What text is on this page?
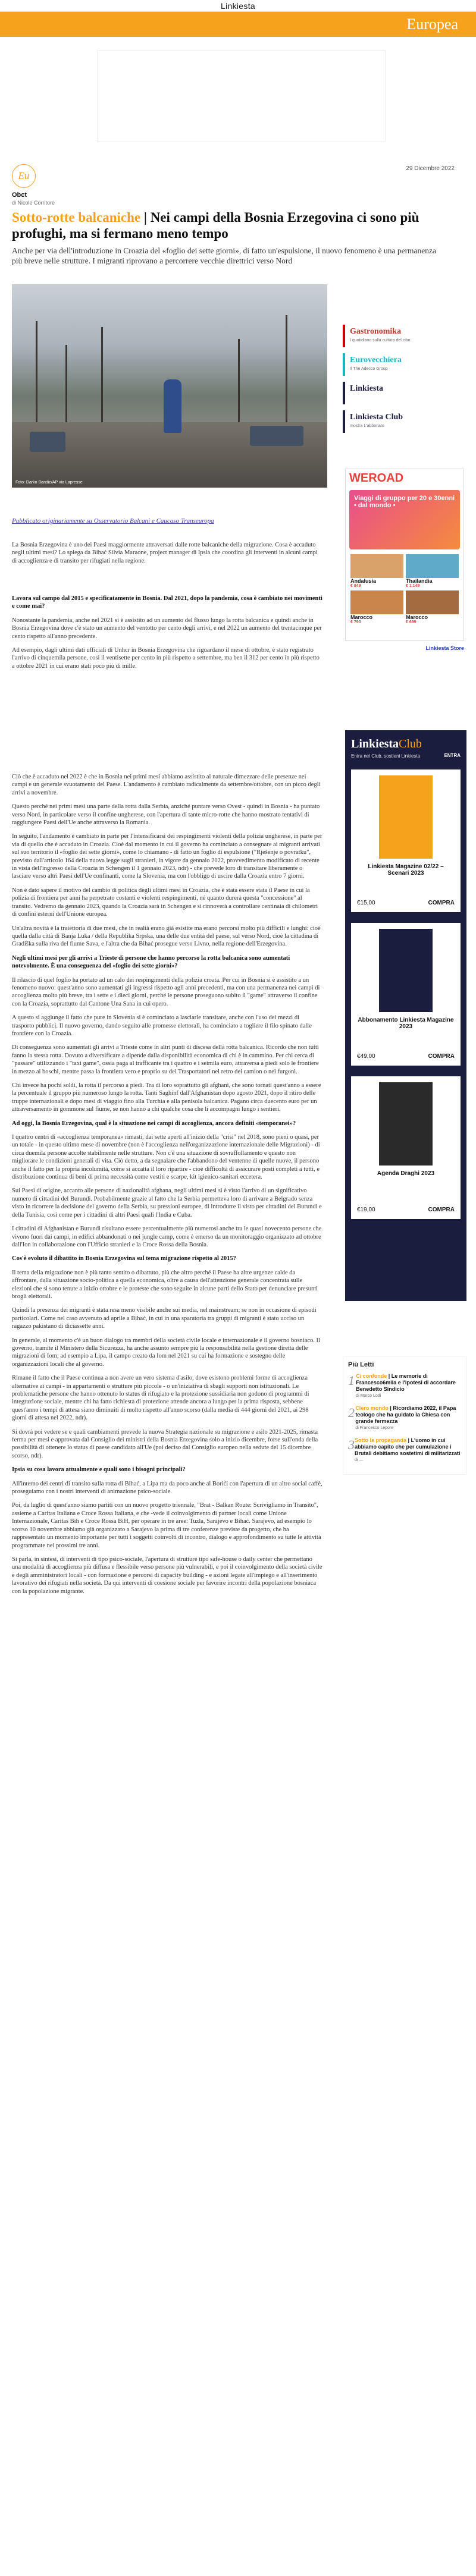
Linkiesta
Europea
Eu
29 Dicembre 2022
Obct
di Nicole Corritore
Sotto-rotte balcaniche | Nei campi della Bosnia Erzegovina ci sono più profughi, ma si fermano meno tempo

Anche per via dell'introduzione in Croazia del «foglio dei sette giorni», di fatto un'espulsione, il nuovo fenomeno è una permanenza più breve nelle strutture. I migranti riprovano a percorrere vecchie direttrici verso Nord

Foto: Darko Bandic/AP via Lapresse

Pubblicato originariamente su Osservatorio Balcani e Caucaso Transeuropa

La Bosnia Erzegovina è uno dei Paesi maggiormente attraversati dalle rotte balcaniche della migrazione. Cosa è accaduto negli ultimi mesi? Lo spiega da Bihać Silvia Maraone, project manager di Ipsia che coordina gli interventi in alcuni campi di accoglienza e di transito per rifugiati nella regione.

Lavora sul campo dal 2015 e specificatamente in Bosnia. Dal 2021, dopo la pandemia, cosa è cambiato nei movimenti e come mai?

Nonostante la pandemia, anche nel 2021 si è assistito ad un aumento del flusso lungo la rotta balcanica e quindi anche in Bosnia Erzegovina dove c'è stato un aumento del ventotto per cento degli arrivi, e nel 2022 un aumento del trentacinque per cento rispetto all'anno precedente.

Ad esempio, dagli ultimi dati ufficiali di Unhcr in Bosnia Erzegovina che riguardano il mese di ottobre, è stato registrato l'arrivo di cinquemila persone, così il ventisette per cento in più rispetto a settembre, ma ben il 312 per cento in più rispetto a ottobre 2021 in cui erano stati poco più di mille.

Ciò che è accaduto nel 2022 è che in Bosnia nei primi mesi abbiamo assistito al naturale dimezzare delle presenze nei campi e un generale svuotamento del Paese. L'andamento è cambiato radicalmente da settembre/ottobre, con un picco degli arrivi a novembre.

Questo perché nei primi mesi una parte della rotta dalla Serbia, anziché puntare verso Ovest - quindi in Bosnia - ha puntato verso Nord, in particolare verso il confine ungherese, con l'apertura di tante micro-rotte che hanno mostrato tentativi di raggiungere Paesi dell'Ue anche attraverso la Romania.

In seguito, l'andamento è cambiato in parte per l'intensificarsi dei respingimenti violenti della polizia ungherese, in parte per via di quello che è accaduto in Croazia. Cioè dal momento in cui il governo ha cominciato a consegnare ai migranti arrivati sul suo territorio il «foglio dei sette giorni», come lo chiamano - di fatto un foglio di espulsione ("Rješenje o povratku", previsto dall'articolo 164 della nuova legge sugli stranieri, in vigore da gennaio 2022, provvedimento modificato di recente in vista dell'ingresso della Croazia in Schengen il 1 gennaio 2023, ndr) - che prevede loro di transitare liberamente o lasciare verso altri Paesi dell'Ue confinanti, come la Slovenia, ma con l'obbligo di uscire dalla Croazia entro 7 giorni.

Non è dato sapere il motivo del cambio di politica degli ultimi mesi in Croazia, che è stata essere stata il Paese in cui la polizia di frontiera per anni ha perpetrato costanti e violenti respingimenti, né quanto durerà questa "concessione" al transito. Vedremo da gennaio 2023, quando la Croazia sarà in Schengen e si rinnoverà a controllare centinaia di chilometri di confini esterni dell'Unione europea.

Un'altra novità è la traiettoria di due mesi, che in realtà erano già esistite ma erano percorsi molto più difficili e lunghi: cioè quella dalla città di Banja Luka / della Republika Srpska, una delle due entità del paese, sul verso Nord, cioè la cittadina di Gradiška sulla riva del fiume Sava, e l'altra che da Bihać prosegue verso Livno, nella regione dell'Erzegovina.

Negli ultimi mesi per gli arrivi a Trieste di persone che hanno percorso la rotta balcanica sono aumentati notevolmente. È una conseguenza del «foglio dei sette giorni»?

Il rilascio di quel foglio ha portato ad un calo dei respingimenti della polizia croata. Per cui in Bosnia si è assistito a un fenomeno nuovo: quest'anno sono aumentati gli ingressi rispetto agli anni precedenti, ma con una permanenza nei campi di accoglienza molto più breve, tra i sette e i dieci giorni, perché le persone proseguono subito il "game" attraverso il confine con la Croazia, soprattutto dal Cantone Una Sana in cui opero.

A questo si aggiunge il fatto che pure in Slovenia si è cominciato a lasciarle transitare, anche con l'uso dei mezzi di trasporto pubblici. Il nuovo governo, dando seguito alle promesse elettorali, ha cominciato a togliere il filo spinato dalle frontiere con la Croazia.

Di conseguenza sono aumentati gli arrivi a Trieste come in altri punti di discesa della rotta balcanica. Ricordo che non tutti fanno la stessa rotta. Dovuto a diversificare a dipende dalla disponibilità economica di chi è in cammino. Per chi cerca di "passare" utilizzando i "taxi game", ossia paga al trafficante tra i quattro e i seimila euro, attraversa a piedi solo le frontiere in mezzo ai boschi, mentre passa la frontiera vero e proprio su dei Trasportatori nel retro dei camion o nei furgoni.

Chi invece ha pochi soldi, la rotta il percorso a piedi. Tra di loro soprattutto gli afghani, che sono tornati quest'anno a essere la percentuale il gruppo più numeroso lungo la rotta. Tanti Saghinf dall'Afghanistan dopo agosto 2021, dopo il ritiro delle truppe internazionali e dopo mesi di viaggio fino alla Turchia e alla penisola balcanica. Pagano circa duecento euro per un attraversamento in gommone sul fiume, se non hanno a chi qualche cosa che li accompagni lungo i sentieri.

Ad oggi, la Bosnia Erzegovina, qual è la situazione nei campi di accoglienza, ancora definiti «temporanei»?

I quattro centri di «accoglienza temporanea» rimasti, dai sette aperti all'inizio della "crisi" nel 2018, sono pieni o quasi, per un totale - in questo ultimo mese di novembre (non è l'accoglienza nell'organizzazione internazionale delle Migrazioni) - di circa duemila persone accolte stabilmente nelle strutture. Non c'è una situazione di sovraffollamento e questo non migliorare le condizioni generali di vita. Ciò detto, a da segnalare che l'abbandono del ventenne di quelle nuove, il persono anche il fatto per la propria incolumità, come si accatta il loro ripartire - cioè difficoltà di assicurare posti completi a tutti, e distribuzione continua di beni di prima necessità come vestiti e scarpe, kit igienico-sanitari eccetera.

Sui Paesi di origine, accanto alle persone di nazionalità afghana, negli ultimi mesi si è visto l'arrivo di un significativo numero di cittadini del Burundi. Probabilmente grazie al fatto che la Serbia permetteva loro di arrivare a Belgrado senza visto in ricorrere la decisione del governo della Serbia, su pressioni europee, di introdurre il visto per cittadini del Burundi e della Tunisia, così come per i cittadini di altri Paesi quali l'India e Cuba.

I cittadini di Afghanistan e Burundi risultano essere percentualmente più numerosi anche tra le quasi novecento persone che vivono fuori dai campi, in edifici abbandonati o nei jungle camp, come è emerso da un monitoraggio organizzato ad ottobre dall'Ion in collaborazione con l'Ufficio stranieri e la Croce Rossa della Bosnia.

Cos'è evoluto il dibattito in Bosnia Erzegovina sul tema migrazione rispetto al 2015?

Il tema della migrazione non è più tanto sentito o dibattuto, più che altro perché il Paese ha altre urgenze calde da affrontare, dalla situazione socio-politica a quella economica, oltre a causa dell'attenzione generale concentrata sulle elezioni che si sono tenute a inizio ottobre e le proteste che sono seguite in alcune parti dello Stato per denunciare presunti brogli elettorali.

Quindi la presenza dei migranti è stata resa meno visibile anche sui media, nel mainstream; se non in occasione di episodi particolari. Come nel caso avvenuto ad aprile a Bihać, in cui in una sparatoria tra gruppi di migranti è stato ucciso un ragazzo pakistano di diciassette anni.

In generale, al momento c'è un buon dialogo tra membri della società civile locale e internazionale e il governo bosniaco. Il governo, tramite il Ministero della Sicurezza, ha anche assunto sempre più la responsabilità nella gestione diretta delle migrazioni di Iom; ad esempio a Lipa, il campo creato da Iom nel 2021 su cui ha formazione e sostegno delle organizzazioni locali che al governo.

Rimane il fatto che il Paese continua a non avere un vero sistema d'asilo, dove esistono problemi forme di accoglienza alternative ai campi - in appartamenti o strutture più piccole - o un'iniziativa di sbagli supporti non istituzionali. Le problematiche persone che hanno ottenuto lo status di rifugiato e la protezione sussidiaria non godono di programmi di integrazione sociale, mentre chi ha fatto richiesta di protezione attende ancora a lungo per la prima risposta, sebbene quest'anno i tempi di attesa siano diminuiti di molto rispetto all'anno scorso (dalla media di 444 giorni del 2021, ai 298 giorni di attesa nel 2022, ndr).

Si dovrà poi vedere se e quali cambiamenti prevede la nuova Strategia nazionale su migrazione e asilo 2021-2025, rimasta ferma per mesi e approvata dal Consiglio dei ministri della Bosnia Erzegovina solo a inizio dicembre, forse sull'onda della possibilità di ottenere lo status di paese candidato all'Ue (poi deciso dal Consiglio europeo nella sedute del 15 dicembre scorso, ndr).

Ipsia su cosa lavora attualmente e quali sono i bisogni principali?

All'interno dei centri di transito sulla rotta di Bihać, a Lipa ma da poco anche al Borići con l'apertura di un altro social caffè, proseguiamo con i nostri interventi di animazione psico-sociale.

Poi, da luglio di quest'anno siamo partiti con un nuovo progetto triennale, "Brat - Balkan Route: Scrivigliamo in Transito", assieme a Caritas Italiana e Croce Rossa Italiana, e che -vede il coinvolgimento di partner locali come Unione Internazionale, Caritas Bih e Croce Rossa BiH, per operare in tre aree: Tuzla, Sarajevo e Bihać. Sarajevo, ad esempio lo scorso 10 novembre abbiamo già organizzato a Sarajevo la prima di tre conferenze previste da progetto, che ha rappresentato un momento importante per tutti i soggetti coinvolti di incontro, dialogo e approfondimento su tutte le attività programmate nei prossimi tre anni.

Si parla, in sintesi, di interventi di tipo psico-sociale, l'apertura di strutture tipo safe-house o daily center che permettano una modalità di accoglienza più diffusa e flessibile verso persone più vulnerabili, e poi il coinvolgimento della società civile e degli amministratori locali - con formazione e percorsi di capacity building - e azioni legate all'impiego e all'inserimento lavorativo dei rifugiati nella società. Da qui interventi di coesione sociale per favorire incontri della popolazione bosniaca con la popolazione migrante.

Gastronomika
I quotidiano sulla cultura del cibo
Eurovecchiera
Il The Adecco Group
Linkiesta
Linkiesta Club
mostra L'abbonato
WEROAD
Viaggi di gruppo per 20 e 30enni • dal mondo •
Andalusia
€ 849
Thailandia
€ 1.149
Marocco
€ 790
Marocco
€ 699
Linkiesta Store
LinkiestaClub
Entra nel Club, sostieni Linkiesta	ENTRA
Linkiesta Magazine 02/22 – Scenari 2023
€15,00	COMPRA
Abbonamento Linkiesta Magazine 2023
€49,00	COMPRA
Agenda Draghi 2023
€19,00	COMPRA
Più Letti
1 Ci confonde | Le memorie di Francesco6mila e l'ipotesi di accordare Benedetto Sindicio
di Marco Lodi
2 Clero mondo | Ricordiamo 2022, il Papa teologo che ha guidato la Chiesa con grande fermezza
di Francesco Lepore
3 Sotto la propaganda | L'uomo in cui abbiamo capito che per cumulazione i Brutali debitiamo sostetimi di militarizzati
di —
